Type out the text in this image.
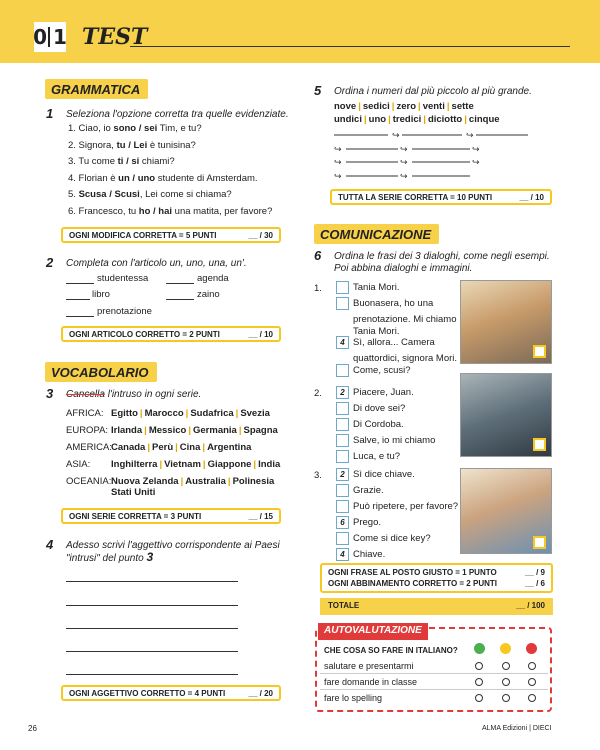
0 1 TEST
GRAMMATICA
1 Seleziona l'opzione corretta tra quelle evidenziate.
1. Ciao, io sono / sei Tim, e tu?
2. Signora, tu / Lei è tunisina?
3. Tu come ti / si chiami?
4. Florian è un / uno studente di Amsterdam.
5. Scusa / Scusi, Lei come si chiama?
6. Francesco, tu ho / hai una matita, per favore?
OGNI MODIFICA CORRETTA = 5 PUNTI	__ / 30
2 Completa con l'articolo un, uno, una, un'.
studentessa	agenda
libro	zaino
prenotazione
OGNI ARTICOLO CORRETTO = 2 PUNTI	__ / 10
VOCABOLARIO
3 Cancella l'intruso in ogni serie.
AFRICA: Egitto | Marocco | Sudafrica | Svezia
EUROPA: Irlanda | Messico | Germania | Spagna
AMERICA: Canada | Perù | Cina | Argentina
ASIA: Inghilterra | Vietnam | Giappone | India
OCEANIA: Nuova Zelanda | Australia | Polinesia
Stati Uniti
OGNI SERIE CORRETTA = 3 PUNTI	__ / 15
4 Adesso scrivi l'aggettivo corrispondente ai Paesi
"intrusi" del punto 3
OGNI AGGETTIVO CORRETTO = 4 PUNTI	__ / 20
5 Ordina i numeri dal più piccolo al più grande.
nove | sedici | zero | venti | sette
undici | uno | tredici | diciotto | cinque
↪	↪
↪	↪	↪
↪	↪	↪
↪	↪
TUTTA LA SERIE CORRETTA = 10 PUNTI	__ / 10
COMUNICAZIONE
6 Ordina le frasi dei 3 dialoghi, come negli esempi.
Poi abbina dialoghi e immagini.
1.	Tania Mori.
Buonasera, ho una
prenotazione. Mi chiamo
Tania Mori.
4 Sì, allora... Camera
quattordici, signora Mori.
Come, scusi?
2.	2 Piacere, Juan.
Di dove sei?
Di Cordoba.
Salve, io mi chiamo
Luca, e tu?
3.	2 Sì dice chiave.
Grazie.
Può ripetere, per favore?
6 Prego.
Come si dice key?
4 Chiave.
OGNI FRASE AL POSTO GIUSTO = 1 PUNTO	__ / 9
OGNI ABBINAMENTO CORRETTO = 2 PUNTI	__ / 6
TOTALE	__ / 100
AUTOVALUTAZIONE
CHE COSA SO FARE IN ITALIANO?
salutare e presentarmi
fare domande in classe
fare lo spelling
26	ALMA Edizioni | DIECI
